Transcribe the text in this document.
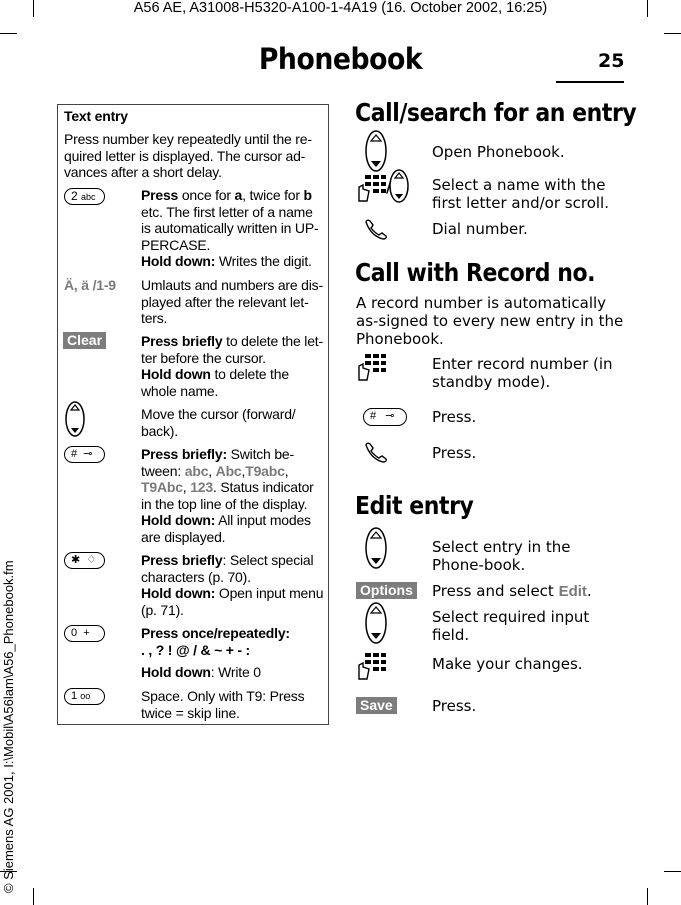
A56 AE, A31008-H5320-A100-1-4A19 (16. October 2002, 16:25)
© Siemens AG 2001, I:\Mobil\A56lam\A56_Phonebook.fm
Phonebook	25
Text entry
Press number key repeatedly until the re-quired letter is displayed. The cursor ad-vances after a short delay.
2 abc	Press once for a, twice for b etc. The first letter of a name is automatically written in UP-PERCASE.
Hold down: Writes the digit.
Ä, ä /1-9 Umlauts and numbers are dis-played after the relevant let-ters.
Clear	Press briefly to delete the let-ter before the cursor.
Hold down to delete the whole name.
Move the cursor (forward/ back).
#  ⊸	Press briefly: Switch be-tween: abc, Abc,T9abc, T9Abc, 123. Status indicator in the top line of the display.
Hold down: All input modes are displayed.
✱  ♢	Press briefly: Select special characters (p. 70).
Hold down: Open input menu (p. 71).
0  +	Press once/repeatedly:
. , ? ! @ / & ~ + - :

Hold down: Write 0
1 oo	Space. Only with T9: Press twice = skip line.
Call/search for an entry
Open Phonebook.
/	Select a name with the first letter and/or scroll.
Dial number.
Call with Record no.
A record number is automatically as-signed to every new entry in the Phonebook.
Enter record number (in standby mode).
#   ⊸	Press.
Press.
Edit entry
Select entry in the Phone-book.
Options Press and select Edit.
Select required input field.
Make your changes.
Save	Press.
